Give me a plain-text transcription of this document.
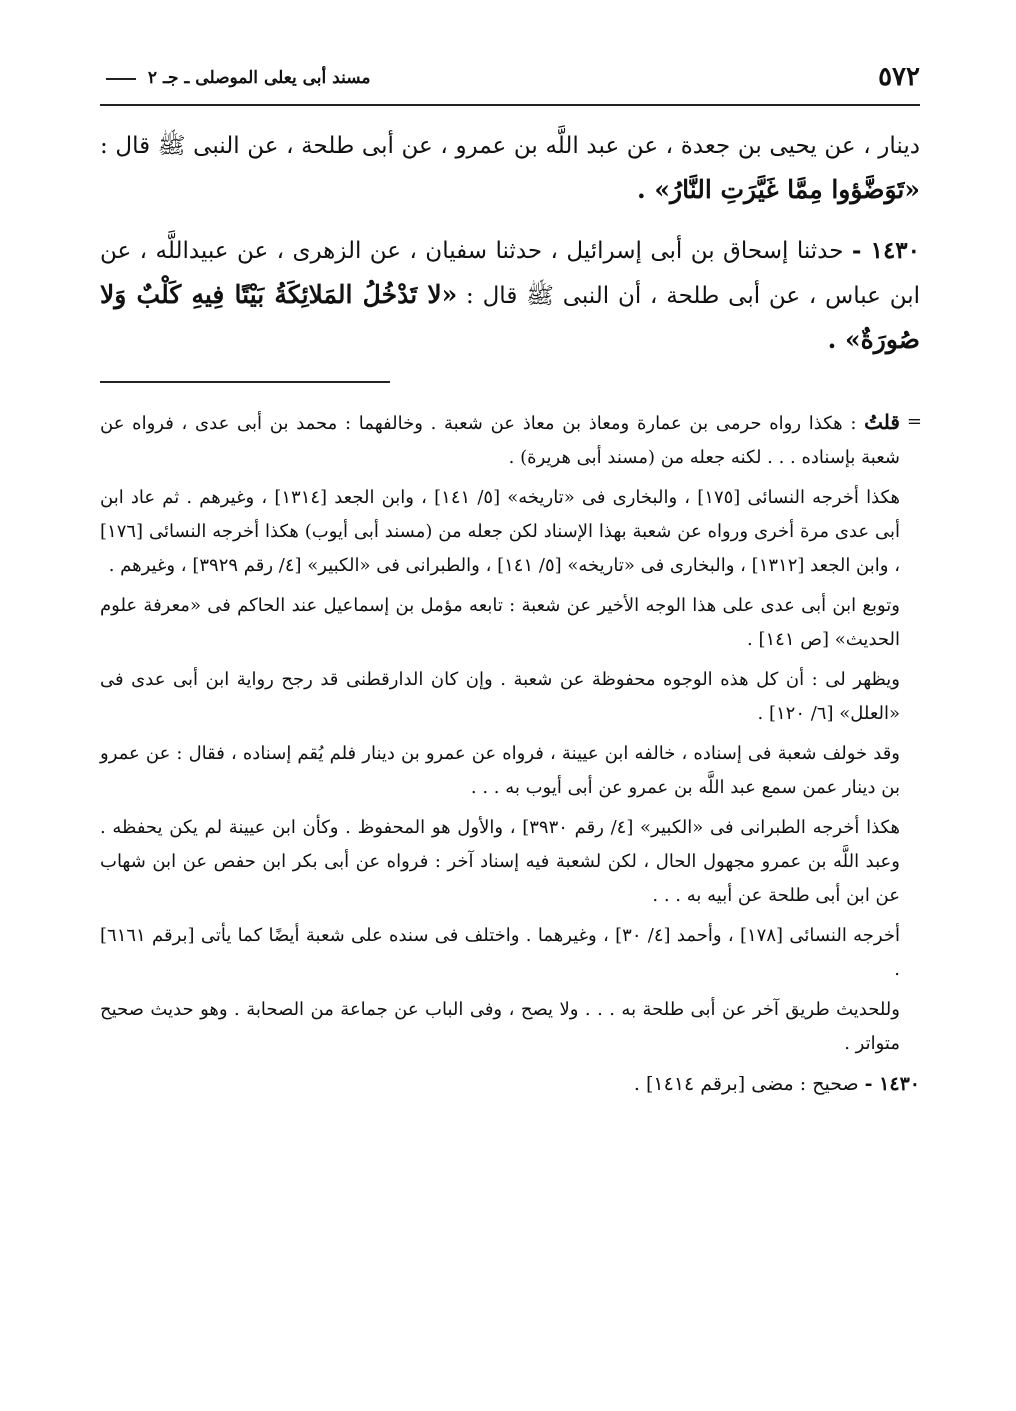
٥٧٢
مسند أبى يعلى الموصلى ـ جـ ٢

دينار ، عن يحيى بن جعدة ، عن عبد اللَّه بن عمرو ، عن أبى طلحة ، عن النبى ﷺ قال : «تَوَضَّؤوا مِمَّا غَيَّرَتِ النَّارُ» .

١٤٣٠ - حدثنا إسحاق بن أبى إسرائيل ، حدثنا سفيان ، عن الزهرى ، عن عبيداللَّه ، عن ابن عباس ، عن أبى طلحة ، أن النبى ﷺ قال : «لا تَدْخُلُ المَلائِكَةُ بَيْتًا فِيهِ كَلْبٌ وَلا صُورَةٌ» .

=
قلتُ : هكذا رواه حرمى بن عمارة ومعاذ بن معاذ عن شعبة . وخالفهما : محمد بن أبى عدى ، فرواه عن شعبة بإسناده . . . لكنه جعله من (مسند أبى هريرة) .

هكذا أخرجه النسائى [١٧٥] ، والبخارى فى «تاريخه» [٥/ ١٤١] ، وابن الجعد [١٣١٤] ، وغيرهم . ثم عاد ابن أبى عدى مرة أخرى ورواه عن شعبة بهذا الإسناد لكن جعله من (مسند أبى أيوب) هكذا أخرجه النسائى [١٧٦] ، وابن الجعد [١٣١٢] ، والبخارى فى «تاريخه» [٥/ ١٤١] ، والطبرانى فى «الكبير» [٤/ رقم ٣٩٢٩] ، وغيرهم .

وتوبع ابن أبى عدى على هذا الوجه الأخير عن شعبة : تابعه مؤمل بن إسماعيل عند الحاكم فى «معرفة علوم الحديث» [ص ١٤١] .

ويظهر لى : أن كل هذه الوجوه محفوظة عن شعبة . وإن كان الدارقطنى قد رجح رواية ابن أبى عدى فى «العلل» [٦/ ١٢٠] .

وقد خولف شعبة فى إسناده ، خالفه ابن عيينة ، فرواه عن عمرو بن دينار فلم يُقم إسناده ، فقال : عن عمرو بن دينار عمن سمع عبد اللَّه بن عمرو عن أبى أيوب به . . .

هكذا أخرجه الطبرانى فى «الكبير» [٤/ رقم ٣٩٣٠] ، والأول هو المحفوظ . وكأن ابن عيينة لم يكن يحفظه . وعبد اللَّه بن عمرو مجهول الحال ، لكن لشعبة فيه إسناد آخر : فرواه عن أبى بكر ابن حفص عن ابن شهاب عن ابن أبى طلحة عن أبيه به . . .

أخرجه النسائى [١٧٨] ، وأحمد [٤/ ٣٠] ، وغيرهما . واختلف فى سنده على شعبة أيضًا كما يأتى [برقم ٦١٦١] .

وللحديث طريق آخر عن أبى طلحة به . . . ولا يصح ، وفى الباب عن جماعة من الصحابة . وهو حديث صحيح متواتر .

١٤٣٠ - صحيح : مضى [برقم ١٤١٤] .
